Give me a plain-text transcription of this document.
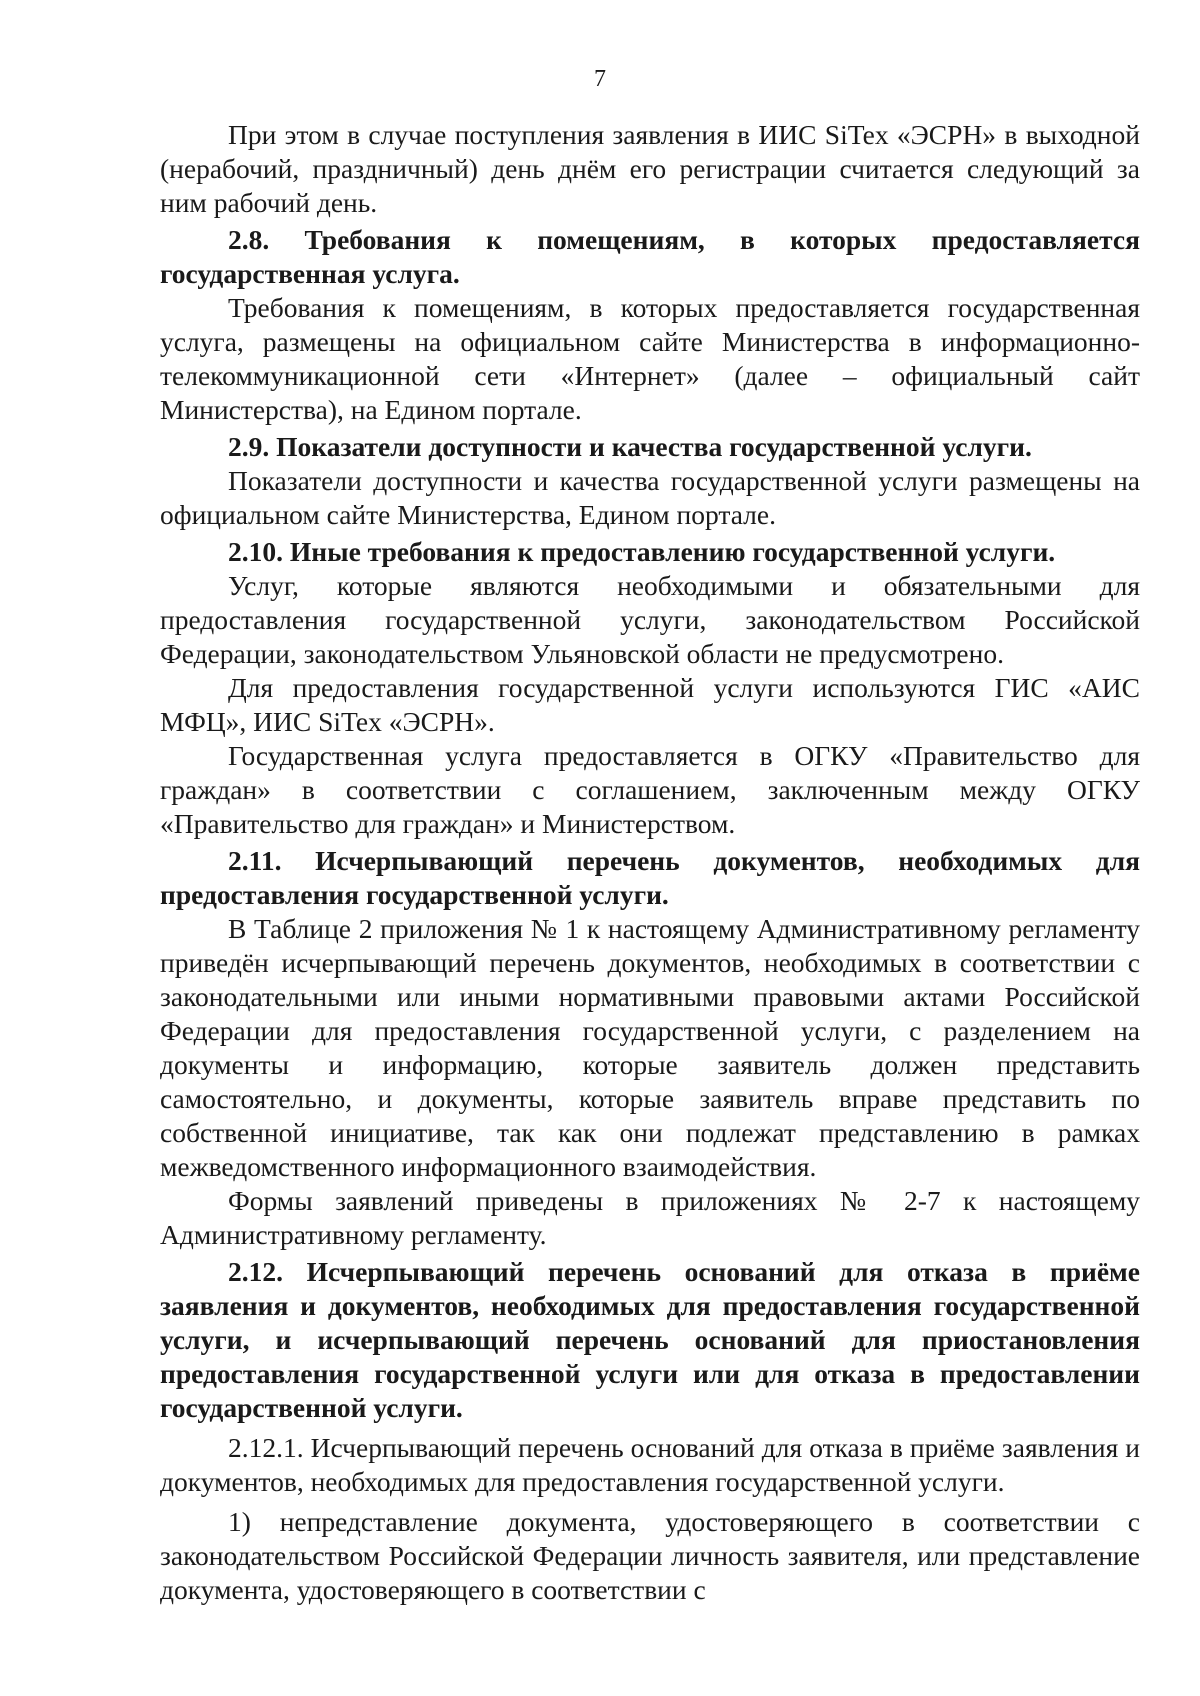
7

При этом в случае поступления заявления в ИИС SiTex «ЭСРН» в выходной (нерабочий, праздничный) день днём его регистрации считается следующий за ним рабочий день.

2.8. Требования к помещениям, в которых предоставляется государственная услуга.

Требования к помещениям, в которых предоставляется государственная услуга, размещены на официальном сайте Министерства в информационно-телекоммуникационной сети «Интернет» (далее – официальный сайт Министерства), на Едином портале.

2.9. Показатели доступности и качества государственной услуги.

Показатели доступности и качества государственной услуги размещены на официальном сайте Министерства, Едином портале.

2.10. Иные требования к предоставлению государственной услуги.

Услуг, которые являются необходимыми и обязательными для предоставления государственной услуги, законодательством Российской Федерации, законодательством Ульяновской области не предусмотрено.

Для предоставления государственной услуги используются ГИС «АИС МФЦ», ИИС SiTex «ЭСРН».

Государственная услуга предоставляется в ОГКУ «Правительство для граждан» в соответствии с соглашением, заключенным между ОГКУ «Правительство для граждан» и Министерством.

2.11. Исчерпывающий перечень документов, необходимых для предоставления государственной услуги.

В Таблице 2 приложения № 1 к настоящему Административному регламенту приведён исчерпывающий перечень документов, необходимых в соответствии с законодательными или иными нормативными правовыми актами Российской Федерации для предоставления государственной услуги, с разделением на документы и информацию, которые заявитель должен представить самостоятельно, и документы, которые заявитель вправе представить по собственной инициативе, так как они подлежат представлению в рамках межведомственного информационного взаимодействия.

Формы заявлений приведены в приложениях № 2-7 к настоящему Административному регламенту.

2.12. Исчерпывающий перечень оснований для отказа в приёме заявления и документов, необходимых для предоставления государственной услуги, и исчерпывающий перечень оснований для приостановления предоставления государственной услуги или для отказа в предоставлении государственной услуги.

2.12.1. Исчерпывающий перечень оснований для отказа в приёме заявления и документов, необходимых для предоставления государственной услуги.

1) непредставление документа, удостоверяющего в соответствии с законодательством Российской Федерации личность заявителя, или представление документа, удостоверяющего в соответствии с
